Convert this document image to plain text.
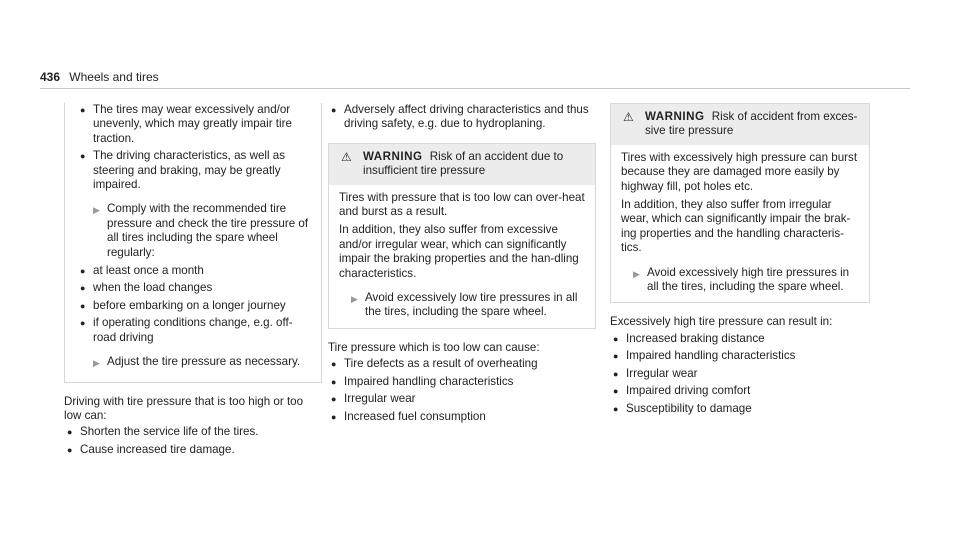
436 Wheels and tires
● The tires may wear excessively and/or unevenly, which may greatly impair tire traction.
● The driving characteristics, as well as steering and braking, may be greatly impaired.
▶ Comply with the recommended tire pressure and check the tire pressure of all tires including the spare wheel regularly:
● at least once a month
● when the load changes
● before embarking on a longer journey
● if operating conditions change, e.g. off-road driving
▶ Adjust the tire pressure as necessary.

Driving with tire pressure that is too high or too low can:

● Shorten the service life of the tires.
● Cause increased tire damage.
● Adversely affect driving characteristics and thus driving safety, e.g. due to hydroplaning.
⚠ WARNING Risk of an accident due to insufficient tire pressure

Tires with pressure that is too low can over-heat and burst as a result.

In addition, they also suffer from excessive and/or irregular wear, which can significantly impair the braking properties and the han-dling characteristics.

▶ Avoid excessively low tire pressures in all the tires, including the spare wheel.

Tire pressure which is too low can cause:

● Tire defects as a result of overheating
● Impaired handling characteristics
● Irregular wear
● Increased fuel consumption
⚠ WARNING Risk of accident from exces-sive tire pressure

Tires with excessively high pressure can burst because they are damaged more easily by highway fill, pot holes etc.

In addition, they also suffer from irregular wear, which can significantly impair the brak-ing properties and the handling characteris-tics.

▶ Avoid excessively high tire pressures in all the tires, including the spare wheel.

Excessively high tire pressure can result in:

● Increased braking distance
● Impaired handling characteristics
● Irregular wear
● Impaired driving comfort
● Susceptibility to damage
